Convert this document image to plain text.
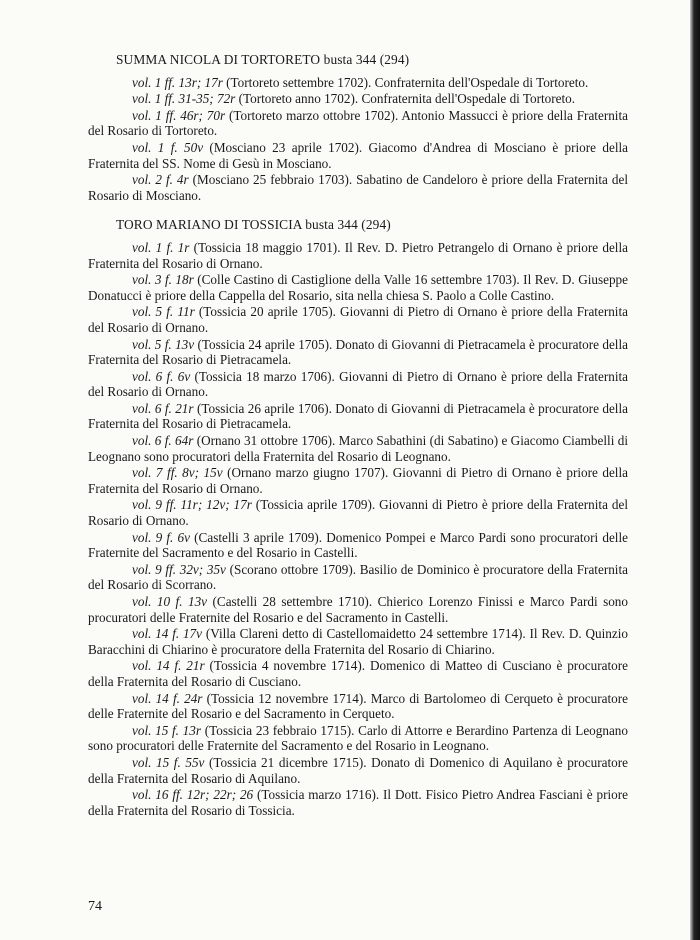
SUMMA NICOLA DI TORTORETO busta 344 (294)

vol. 1 ff. 13r; 17r (Tortoreto settembre 1702). Confraternita dell'Ospedale di Tortoreto.

vol. 1 ff. 31-35; 72r (Tortoreto anno 1702). Confraternita dell'Ospedale di Tortoreto.

vol. 1 ff. 46r; 70r (Tortoreto marzo ottobre 1702). Antonio Massucci è priore della Fraternita del Rosario di Tortoreto.

vol. 1 f. 50v (Mosciano 23 aprile 1702). Giacomo d'Andrea di Mosciano è priore della Fraternita del SS. Nome di Gesù in Mosciano.

vol. 2 f. 4r (Mosciano 25 febbraio 1703). Sabatino de Candeloro è priore della Fraternita del Rosario di Mosciano.

TORO MARIANO DI TOSSICIA busta 344 (294)

vol. 1 f. 1r (Tossicia 18 maggio 1701). Il Rev. D. Pietro Petrangelo di Ornano è priore della Fraternita del Rosario di Ornano.

vol. 3 f. 18r (Colle Castino di Castiglione della Valle 16 settembre 1703). Il Rev. D. Giuseppe Donatucci è priore della Cappella del Rosario, sita nella chiesa S. Paolo a Colle Castino.

vol. 5 f. 11r (Tossicia 20 aprile 1705). Giovanni di Pietro di Ornano è priore della Fraternita del Rosario di Ornano.

vol. 5 f. 13v (Tossicia 24 aprile 1705). Donato di Giovanni di Pietracamela è procuratore della Fraternita del Rosario di Pietracamela.

vol. 6 f. 6v (Tossicia 18 marzo 1706). Giovanni di Pietro di Ornano è priore della Fraternita del Rosario di Ornano.

vol. 6 f. 21r (Tossicia 26 aprile 1706). Donato di Giovanni di Pietracamela è procuratore della Fraternita del Rosario di Pietracamela.

vol. 6 f. 64r (Ornano 31 ottobre 1706). Marco Sabathini (di Sabatino) e Giacomo Ciambelli di Leognano sono procuratori della Fraternita del Rosario di Leognano.

vol. 7 ff. 8v; 15v (Ornano marzo giugno 1707). Giovanni di Pietro di Ornano è priore della Fraternita del Rosario di Ornano.

vol. 9 ff. 11r; 12v; 17r (Tossicia aprile 1709). Giovanni di Pietro è priore della Fraternita del Rosario di Ornano.

vol. 9 f. 6v (Castelli 3 aprile 1709). Domenico Pompei e Marco Pardi sono procuratori delle Fraternite del Sacramento e del Rosario in Castelli.

vol. 9 ff. 32v; 35v (Scorano ottobre 1709). Basilio de Dominico è procuratore della Fraternita del Rosario di Scorrano.

vol. 10 f. 13v (Castelli 28 settembre 1710). Chierico Lorenzo Finissi e Marco Pardi sono procuratori delle Fraternite del Rosario e del Sacramento in Castelli.

vol. 14 f. 17v (Villa Clareni detto di Castellomaidetto 24 settembre 1714). Il Rev. D. Quinzio Baracchini di Chiarino è procuratore della Fraternita del Rosario di Chiarino.

vol. 14 f. 21r (Tossicia 4 novembre 1714). Domenico di Matteo di Cusciano è procuratore della Fraternita del Rosario di Cusciano.

vol. 14 f. 24r (Tossicia 12 novembre 1714). Marco di Bartolomeo di Cerqueto è procuratore delle Fraternite del Rosario e del Sacramento in Cerqueto.

vol. 15 f. 13r (Tossicia 23 febbraio 1715). Carlo di Attorre e Berardino Partenza di Leognano sono procuratori delle Fraternite del Sacramento e del Rosario in Leognano.

vol. 15 f. 55v (Tossicia 21 dicembre 1715). Donato di Domenico di Aquilano è procuratore della Fraternita del Rosario di Aquilano.

vol. 16 ff. 12r; 22r; 26 (Tossicia marzo 1716). Il Dott. Fisico Pietro Andrea Fasciani è priore della Fraternita del Rosario di Tossicia.

74
